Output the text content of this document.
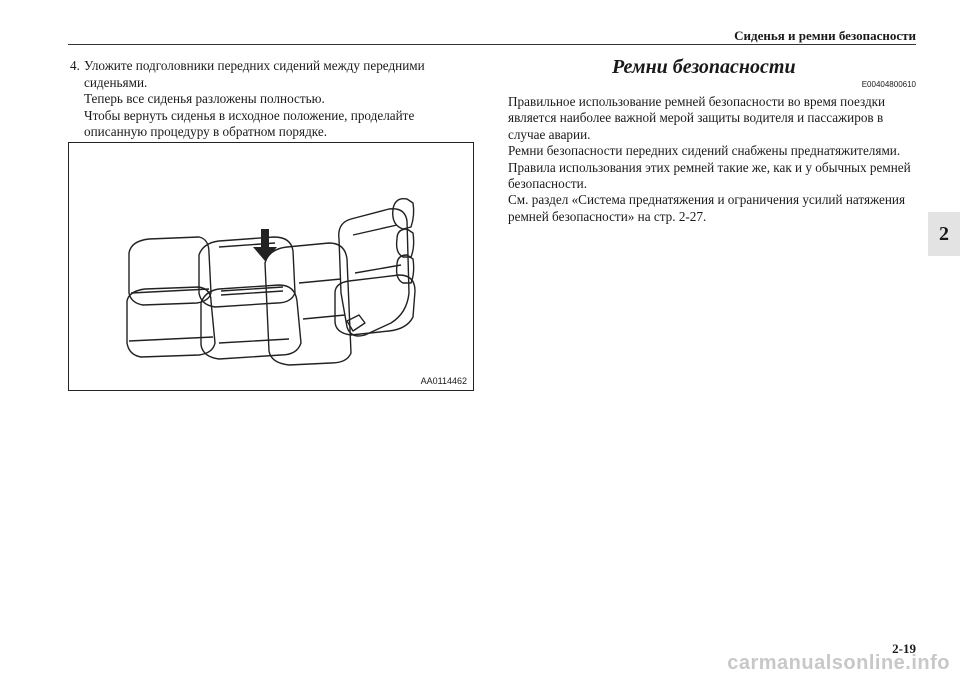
Сиденья и ремни безопасности
2
4. Уложите подголовники передних сидений между передними
сиденьями.
Теперь все сиденья разложены полностью.
Чтобы вернуть сиденья в исходное положение, проделайте
описанную процедуру в обратном порядке.
AA0114462
Ремни безопасности
E00404800610

Правильное использование ремней безопасности во время поездки является наиболее важной мерой защиты водителя и пассажиров в случае аварии.

Ремни безопасности передних сидений снабжены преднатяжителями. Правила использования этих ремней такие же, как и у обычных ремней безопасности.

См. раздел «Система преднатяжения и ограничения усилий натяжения ремней безопасности» на стр. 2-27.

2-19
carmanualsonline.info
